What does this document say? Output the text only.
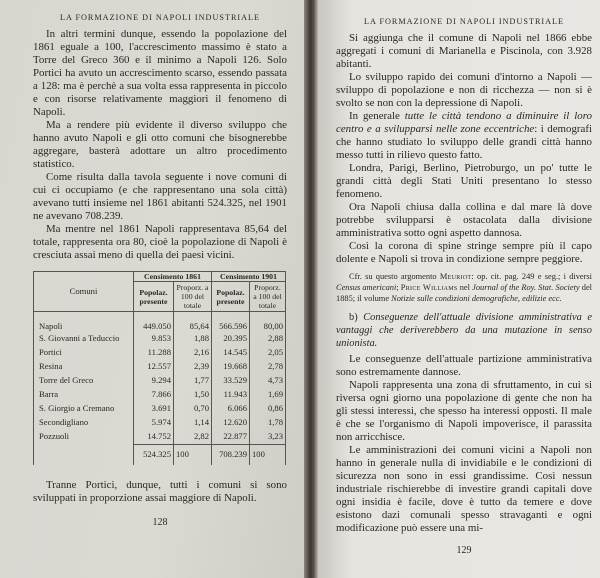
LA FORMAZIONE DI NAPOLI INDUSTRIALE

In altri termini dunque, essendo la popolazione del 1861 eguale a 100, l'accrescimento massimo è stato a Torre del Greco 360 e il minimo a Napoli 126. Solo Portici ha avuto un accrescimento scarso, essendo passata a 128: ma è perchè a sua volta essa rappresenta in piccolo e con risorse relativamente maggiori il fenomeno di Napoli.

Ma a rendere più evidente il diverso sviluppo che hanno avuto Napoli e gli otto comuni che bisognerebbe aggregare, basterà adottare un altro procedimento statistico.

Come risulta dalla tavola seguente i nove comuni di cui ci occupiamo (e che rappresentano una sola città) avevano tutti insieme nel 1861 abitanti 524.325, nel 1901 ne avevano 708.239.

Ma mentre nel 1861 Napoli rappresentava 85,64 del totale, rappresenta ora 80, cioè la popolazione di Napoli è cresciuta assai meno di quella dei paesi vicini.

Comuni	Censimento 1861		Censimento 1901	
	Popolaz. presente	Proporz. a 100 del totale	Popolaz. presente	Proporz. a 100 del totale
Napoli	449.050	85,64	566.596	80,00
S. Giovanni a Teduccio	9.853	1,88	20.395	2,88
Portici	11.288	2,16	14.545	2,05
Resina	12.557	2,39	19.668	2,78
Torre del Greco	9.294	1,77	33.529	4,73
Barra	7.866	1,50	11.943	1,69
S. Giorgio a Cremano	3.691	0,70	6.066	0,86
Secondigliano	5.974	1,14	12.620	1,78
Pozzuoli	14.752	2,82	22.877	3,23
	524.325	100	708.239	100

Tranne Portici, dunque, tutti i comuni si sono sviluppati in proporzione assai maggiore di Napoli.

128
LA FORMAZIONE DI NAPOLI INDUSTRIALE

Si aggiunga che il comune di Napoli nel 1866 ebbe aggregati i comuni di Marianella e Piscinola, con 3.928 abitanti.

Lo sviluppo rapido dei comuni d'intorno a Napoli — sviluppo di popolazione e non di ricchezza — non si è svolto se non con la depressione di Napoli.

In generale tutte le città tendono a diminuire il loro centro e a svilupparsi nelle zone eccentriche: i demografi che hanno studiato lo sviluppo delle grandi città hanno messo tutti in rilievo questo fatto.

Londra, Parigi, Berlino, Pietroburgo, un po' tutte le grandi città degli Stati Uniti presentano lo stesso fenomeno.

Ora Napoli chiusa dalla collina e dal mare là dove potrebbe svilupparsi è ostacolata dalla divisione amministrativa sotto ogni aspetto dannosa.

Così la corona di spine stringe sempre più il capo dolente e Napoli si trova in condizione sempre peggiore.

Cfr. su questo argomento Meuriot: op. cit. pag. 249 e seg.; i diversi Census americani; Price Williams nel Journal of the Roy. Stat. Society del 1885; il volume Notizie sulle condizioni demografiche, edilizie ecc.

b) Conseguenze dell'attuale divisione amministrativa e vantaggi che deriverebbero da una mutazione in senso unionista.

Le conseguenze dell'attuale partizione amministrativa sono estremamente dannose.

Napoli rappresenta una zona di sfruttamento, in cui si riversa ogni giorno una popolazione di gente che non ha gli stessi interessi, che spesso ha interessi opposti. Il male è che se l'organismo di Napoli impoverisce, il parassita non arricchisce.

Le amministrazioni dei comuni vicini a Napoli non hanno in generale nulla di invidiabile e le condizioni di sicurezza non sono in essi grandissime. Così nessun industriale rischierebbe di investire grandi capitali dove ogni insidia è facile, dove è tutto da temere e dove esistono dazi comunali spesso stravaganti e ogni modificazione può essere una mi-

129
